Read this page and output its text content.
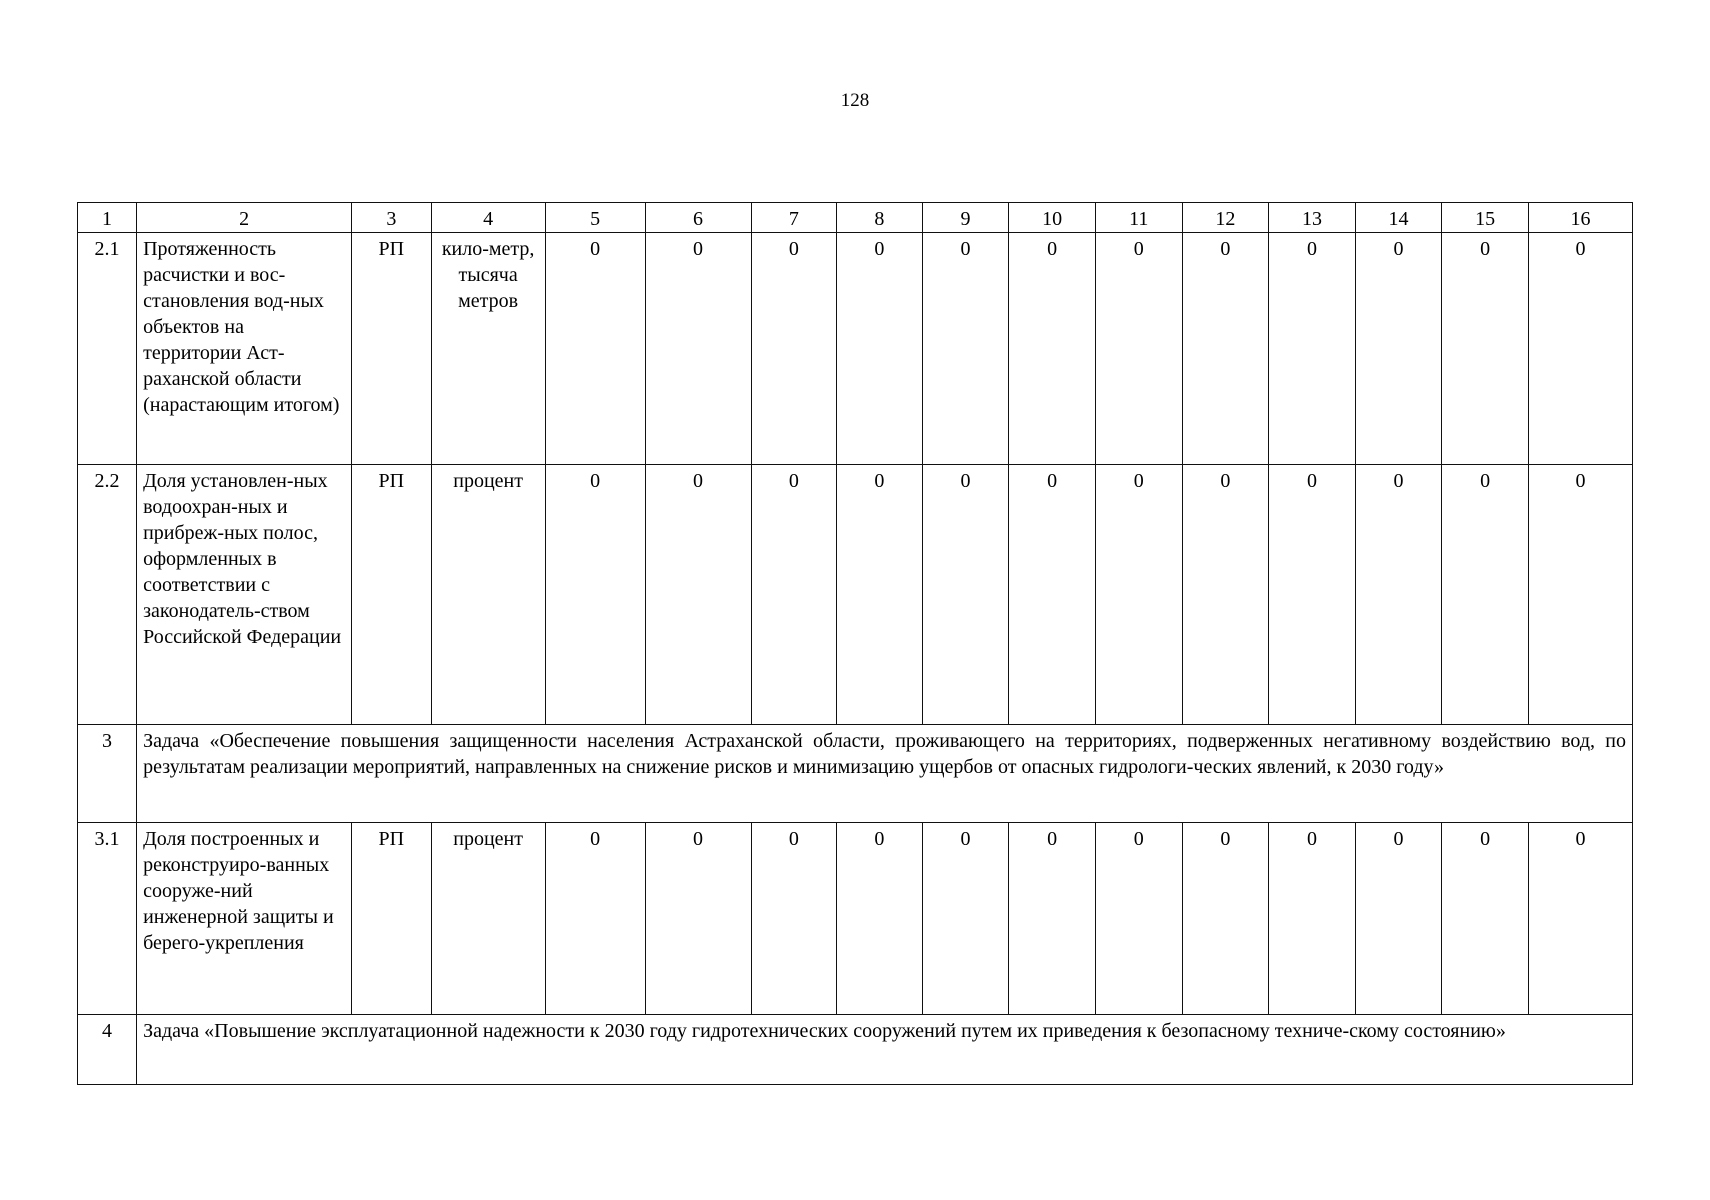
128
1	2	3	4	5	6	7	8	9	10	11	12	13	14	15	16
2.1	Протяженность расчистки и вос-становления вод-ных объектов на территории Аст-раханской области (нарастающим итогом)	РП	кило-метр, тысяча метров	0	0	0	0	0	0	0	0	0	0	0	0
2.2	Доля установлен-ных водоохран-ных и прибреж-ных полос, оформленных в соответствии с законодатель-ством Российской Федерации	РП	процент	0	0	0	0	0	0	0	0	0	0	0	0
3	Задача «Обеспечение повышения защищенности населения Астраханской области, проживающего на территориях, подверженных негативному воздействию вод, по результатам реализации мероприятий, направленных на снижение рисков и минимизацию ущербов от опасных гидрологи-ческих явлений, к 2030 году»														
3.1	Доля построенных и реконструиро-ванных сооруже-ний инженерной защиты и берего-укрепления	РП	процент	0	0	0	0	0	0	0	0	0	0	0	0
4	Задача «Повышение эксплуатационной надежности к 2030 году гидротехнических сооружений путем их приведения к безопасному техниче-скому состоянию»														
